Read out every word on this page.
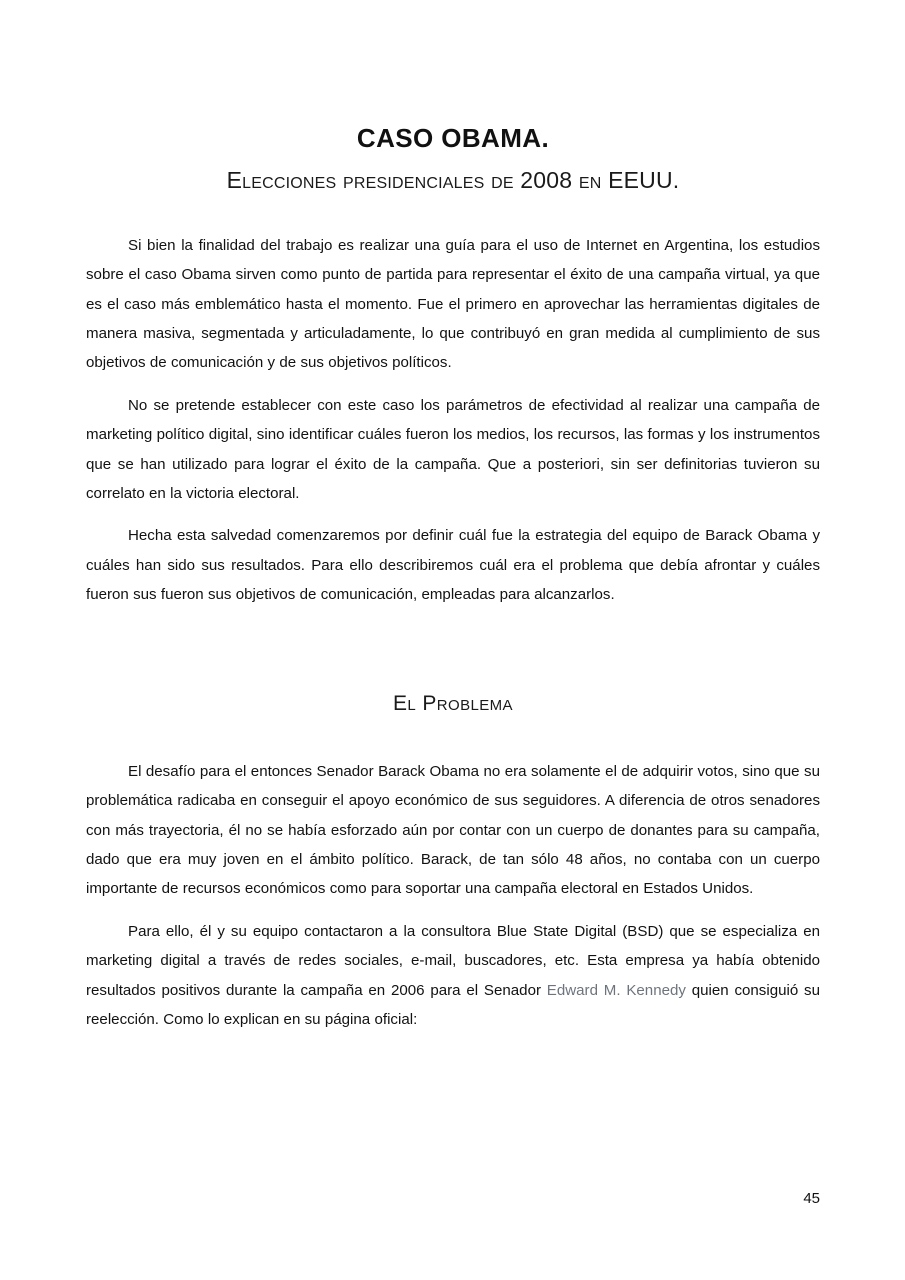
CASO OBAMA.
Elecciones presidenciales de 2008 en EEUU.

Si bien la finalidad del trabajo es realizar una guía para el uso de Internet en Argentina, los estudios sobre el caso Obama sirven como punto de partida para representar el éxito de una campaña virtual, ya que es el caso más emblemático hasta el momento. Fue el primero en aprovechar las herramientas digitales de manera masiva, segmentada y articuladamente, lo que contribuyó en gran medida al cumplimiento de sus objetivos de comunicación y de sus objetivos políticos.

No se pretende establecer con este caso los parámetros de efectividad al realizar una campaña de marketing político digital, sino identificar cuáles fueron los medios, los recursos, las formas y los instrumentos que se han utilizado para lograr el éxito de la campaña. Que a posteriori, sin ser definitorias tuvieron su correlato en la victoria electoral.

Hecha esta salvedad comenzaremos por definir cuál fue la estrategia del equipo de Barack Obama y cuáles han sido sus resultados. Para ello describiremos cuál era el problema que debía afrontar y cuáles fueron sus fueron sus objetivos de comunicación, empleadas para alcanzarlos.

El Problema

El desafío para el entonces Senador Barack Obama no era solamente el de adquirir votos, sino que su problemática radicaba en conseguir el apoyo económico de sus seguidores. A diferencia de otros senadores con más trayectoria, él no se había esforzado aún por contar con un cuerpo de donantes para su campaña, dado que era muy joven en el ámbito político. Barack, de tan sólo 48 años, no contaba con un cuerpo importante de recursos económicos como para soportar una campaña electoral en Estados Unidos.

Para ello, él y su equipo contactaron a la consultora Blue State Digital (BSD) que se especializa en marketing digital a través de redes sociales, e-mail, buscadores, etc. Esta empresa ya había obtenido resultados positivos durante la campaña en 2006 para el Senador Edward M. Kennedy quien consiguió su reelección. Como lo explican en su página oficial:

45
